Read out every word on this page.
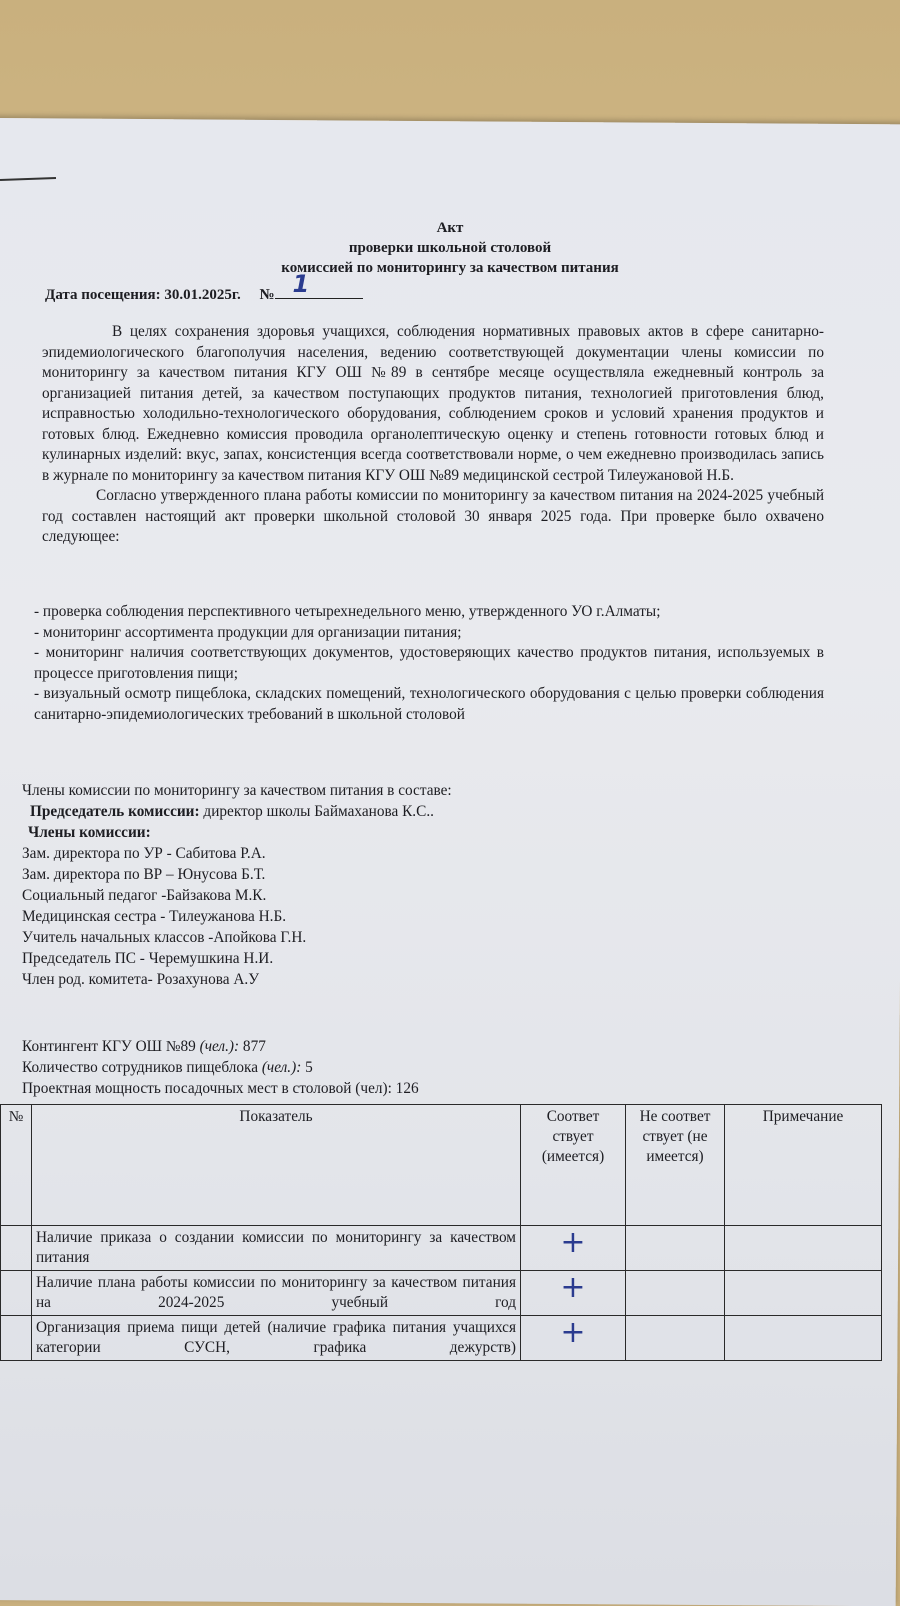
Акт
проверки школьной столовой
комиссией по мониторингу за качеством питания
Дата посещения: 30.01.2025г. № 1

В целях сохранения здоровья учащихся, соблюдения нормативных правовых актов в сфере санитарно-эпидемиологического благополучия населения, ведению соответствующей документации члены комиссии по мониторингу за качеством питания КГУ ОШ №89 в сентябре месяце осуществляла ежедневный контроль за организацией питания детей, за качеством поступающих продуктов питания, технологией приготовления блюд, исправностью холодильно-технологического оборудования, соблюдением сроков и условий хранения продуктов и готовых блюд. Ежедневно комиссия проводила органолептическую оценку и степень готовности готовых блюд и кулинарных изделий: вкус, запах, консистенция всегда соответствовали норме, о чем ежедневно производилась запись в журнале по мониторингу за качеством питания КГУ ОШ №89 медицинской сестрой Тилеужановой Н.Б.

Согласно утвержденного плана работы комиссии по мониторингу за качеством питания на 2024-2025 учебный год составлен настоящий акт проверки школьной столовой 30 января 2025 года. При проверке было охвачено следующее:

- проверка соблюдения перспективного четырехнедельного меню, утвержденного УО г.Алматы;

- мониторинг ассортимента продукции для организации питания;

- мониторинг наличия соответствующих документов, удостоверяющих качество продуктов питания, используемых в процессе приготовления пищи;

- визуальный осмотр пищеблока, складских помещений, технологического оборудования с целью проверки соблюдения санитарно-эпидемиологических требований в школьной столовой

Члены комиссии по мониторингу за качеством питания в составе:
Председатель комиссии: директор школы Баймаханова К.С..
Члены комиссии:
Зам. директора по УР - Сабитова Р.А.
Зам. директора по ВР – Юнусова Б.Т.
Социальный педагог -Байзакова М.К.
Медицинская сестра - Тилеужанова Н.Б.
Учитель начальных классов -Апойкова Г.Н.
Председатель ПС - Черемушкина Н.И.
Член род. комитета- Розахунова А.У
Контингент КГУ ОШ №89 (чел.): 877
Количество сотрудников пищеблока (чел.): 5
Проектная мощность посадочных мест в столовой (чел): 126
№	Показатель	Соответ ствует (имеется)	Не соответ ствует (не имеется)	Примечание
	Наличие приказа о создании комиссии по мониторингу за качеством питания	+		
	Наличие плана работы комиссии по мониторингу за качеством питания на 2024-2025 учебный год	+		
	Организация приема пищи детей (наличие графика питания учащихся категории СУСН, графика дежурств)	+		
